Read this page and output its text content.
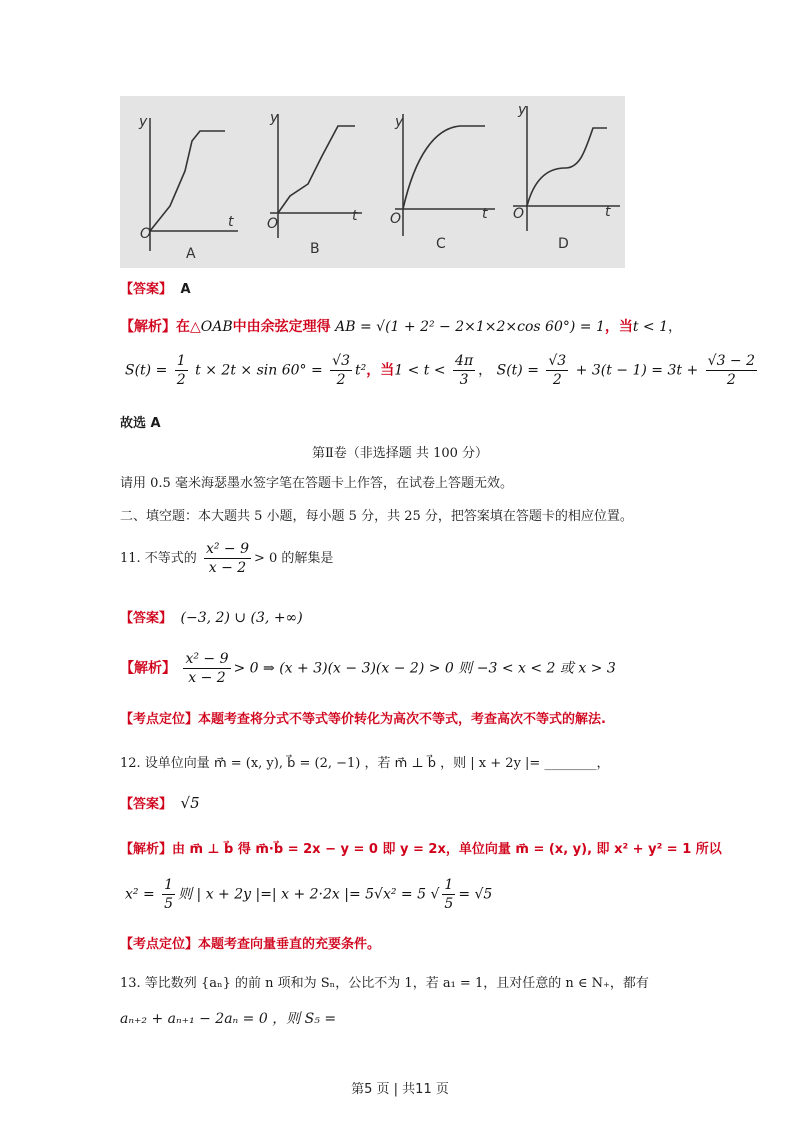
y
t
O
A
y
t
O
B
y
t
O
C
y
t
O
D
【答案】 A
【解析】在△OAB中由余弦定理得 AB = √(1 + 2² − 2×1×2×cos 60°) = 1，当t < 1，
$S(t) = \frac{1}{2}$ $t \times 2t \times \sin 60^\circ = \frac{√3}{2} t^2$，当$1 < t < \frac{4\pi}{3}$ ， $S(t) = \frac{√3}{2} + 3(t - 1) = 3t + \frac{√3 - 2}{2}$
故选 A
第Ⅱ卷（非选择题 共 100 分）
请用 0.5 毫米海瑟墨水签字笔在答题卡上作答，在试卷上答题无效。
二、填空题：本大题共 5 小题，每小题 5 分，共 25 分，把答案填在答题卡的相应位置。
11. 不等式的 $\frac{\text{x² − 9}}{x - 2} > 0$ 的解集是
【答案】 (−3, 2) ∪ (3, +∞)
【解析】 $\frac{\text{x² − 9}}{x - 2} > 0$ ⇒ (x + 3)(x − 3)(x − 2) > 0 则 −3 < x < 2 或 x > 3
【考点定位】本题考查将分式不等式等价转化为高次不等式，考查高次不等式的解法.
12. 设单位向量 m⃗ = (x, y), b⃗ = (2, −1) ，若 m⃗ ⊥ b⃗ ，则 | x + 2y |= ________，
【答案】 √5
【解析】由 m⃗ ⊥ b⃗ 得 m⃗·b⃗ = 2x − y = 0 即 y = 2x，单位向量 m⃗ = (x, y), 即 x² + y² = 1 所以
$x^2 = \frac{1}{5}$ 则 | x + 2y |=| x + 2·2x |= 5√x² = 5 √ $\frac{1}{5} = √5$
【考点定位】本题考查向量垂直的充要条件。
13. 等比数列 {aₙ} 的前 n 项和为 Sₙ，公比不为 1，若 a₁ = 1，且对任意的 n ∈ N₊，都有
aₙ₊₂ + aₙ₊₁ − 2aₙ = 0 ，则 S₅ =
第5 页 | 共11 页
